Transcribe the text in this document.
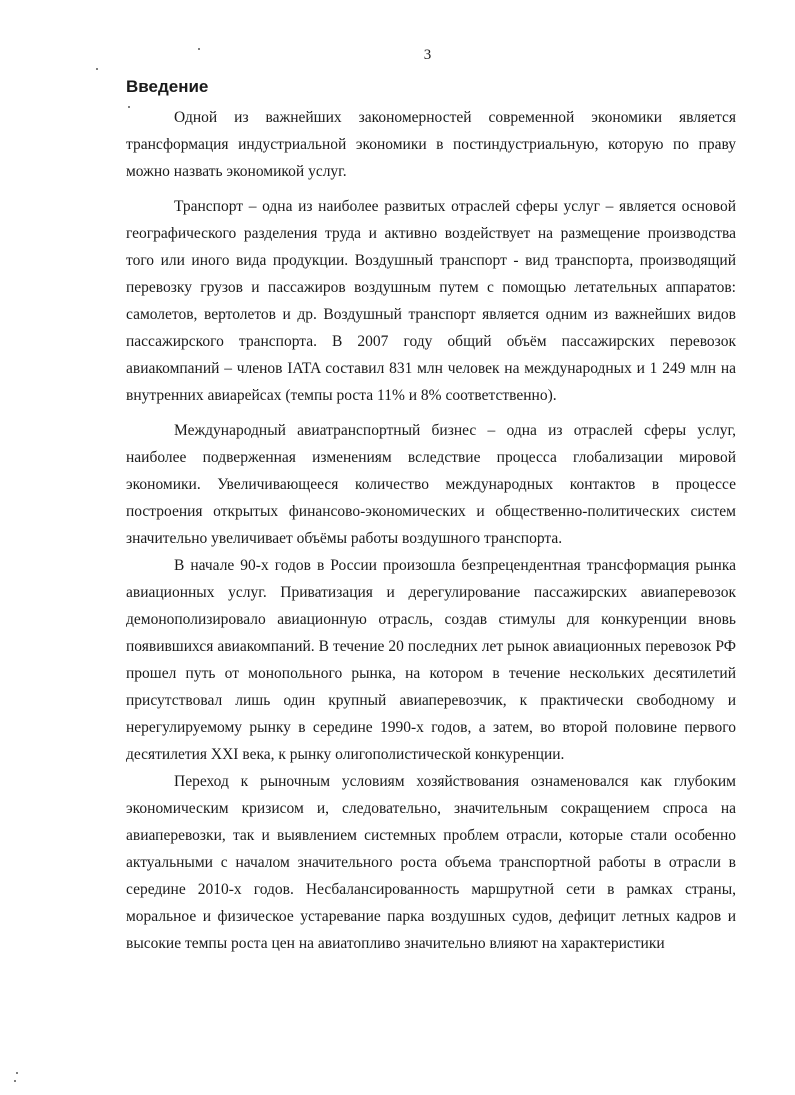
3
Введение

Одной из важнейших закономерностей современной экономики является трансформация индустриальной экономики в постиндустриальную, которую по праву можно назвать экономикой услуг.

Транспорт – одна из наиболее развитых отраслей сферы услуг – является основой географического разделения труда и активно воздействует на размещение производства того или иного вида продукции. Воздушный транспорт - вид транспорта, производящий перевозку грузов и пассажиров воздушным путем с помощью летательных аппаратов: самолетов, вертолетов и др. Воздушный транспорт является одним из важнейших видов пассажирского транспорта. В 2007 году общий объём пассажирских перевозок авиакомпаний – членов IATA составил 831 млн человек на международных и 1 249 млн на внутренних авиарейсах (темпы роста 11% и 8% соответственно).

Международный авиатранспортный бизнес – одна из отраслей сферы услуг, наиболее подверженная изменениям вследствие процесса глобализации мировой экономики. Увеличивающееся количество международных контактов в процессе построения открытых финансово-экономических и общественно-политических систем значительно увеличивает объёмы работы воздушного транспорта.

В начале 90-х годов в России произошла безпрецендентная трансформация рынка авиационных услуг. Приватизация и дерегулирование пассажирских авиаперевозок демонополизировало авиационную отрасль, создав стимулы для конкуренции вновь появившихся авиакомпаний. В течение 20 последних лет рынок авиационных перевозок РФ прошел путь от монопольного рынка, на котором в течение нескольких десятилетий присутствовал лишь один крупный авиаперевозчик, к практически свободному и нерегулируемому рынку в середине 1990-х годов, а затем, во второй половине первого десятилетия XXI века, к рынку олигополистической конкуренции.

Переход к рыночным условиям хозяйствования ознаменовался как глубоким экономическим кризисом и, следовательно, значительным сокращением спроса на авиаперевозки, так и выявлением системных проблем отрасли, которые стали особенно актуальными с началом значительного роста объема транспортной работы в отрасли в середине 2010-х годов. Несбалансированность маршрутной сети в рамках страны, моральное и физическое устаревание парка воздушных судов, дефицит летных кадров и высокие темпы роста цен на авиатопливо значительно влияют на характеристики
